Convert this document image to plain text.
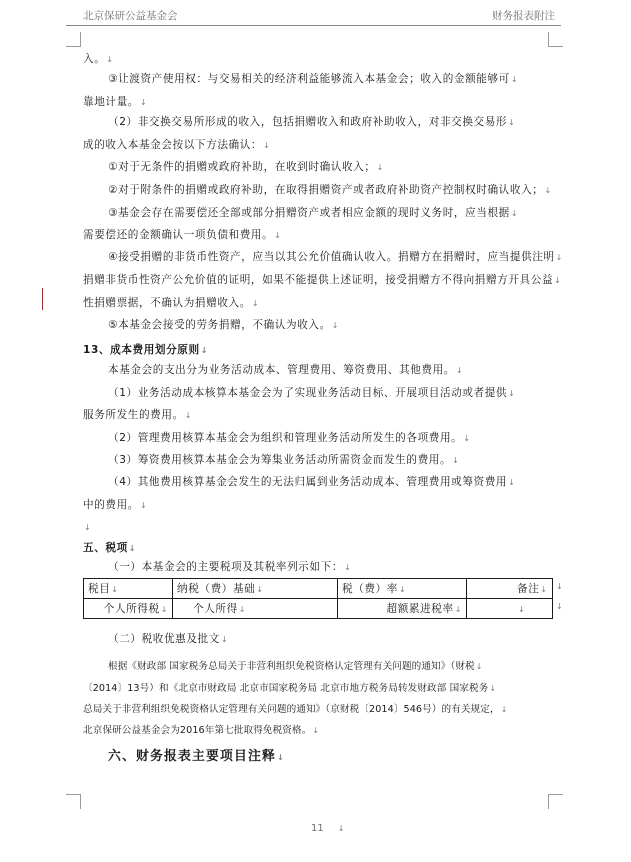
北京保研公益基金会	财务报表附注
入。↓
③让渡资产使用权：与交易相关的经济利益能够流入本基金会；收入的金额能够可↓
靠地计量。↓
（2）非交换交易所形成的收入，包括捐赠收入和政府补助收入，对非交换交易形↓
成的收入本基金会按以下方法确认：↓
①对于无条件的捐赠或政府补助，在收到时确认收入；↓
②对于附条件的捐赠或政府补助，在取得捐赠资产或者政府补助资产控制权时确认收入；↓
③基金会存在需要偿还全部或部分捐赠资产或者相应金额的现时义务时，应当根据↓
需要偿还的金额确认一项负债和费用。↓
④接受捐赠的非货币性资产，应当以其公允价值确认收入。捐赠方在捐赠时，应当提供注明↓
捐赠非货币性资产公允价值的证明，如果不能提供上述证明，接受捐赠方不得向捐赠方开具公益↓
性捐赠票据，不确认为捐赠收入。↓
⑤本基金会接受的劳务捐赠，不确认为收入。↓
13、成本费用划分原则↓
本基金会的支出分为业务活动成本、管理费用、筹资费用、其他费用。↓
（1）业务活动成本核算本基金会为了实现业务活动目标、开展项目活动或者提供↓
服务所发生的费用。↓
（2）管理费用核算本基金会为组织和管理业务活动所发生的各项费用。↓
（3）筹资费用核算本基金会为筹集业务活动所需资金而发生的费用。↓
（4）其他费用核算基金会发生的无法归属到业务活动成本、管理费用或筹资费用↓
中的费用。↓
↓
五、税项↓
（一）本基金会的主要税项及其税率列示如下：↓
（二）税收优惠及批文↓
根据《财政部 国家税务总局关于非营利组织免税资格认定管理有关问题的通知》（财税↓
〔2014〕13号）和《北京市财政局 北京市国家税务局 北京市地方税务局转发财政部 国家税务↓
总局关于非营利组织免税资格认定管理有关问题的通知》（京财税〔2014〕546号）的有关规定，↓
北京保研公益基金会为2016年第七批取得免税资格。↓
六、财务报表主要项目注释↓
税目↓	纳税（费）基础↓	税（费）率↓	备注↓
个人所得税↓	个人所得↓	超额累进税率↓	↓
↓
↓
11 ↓
